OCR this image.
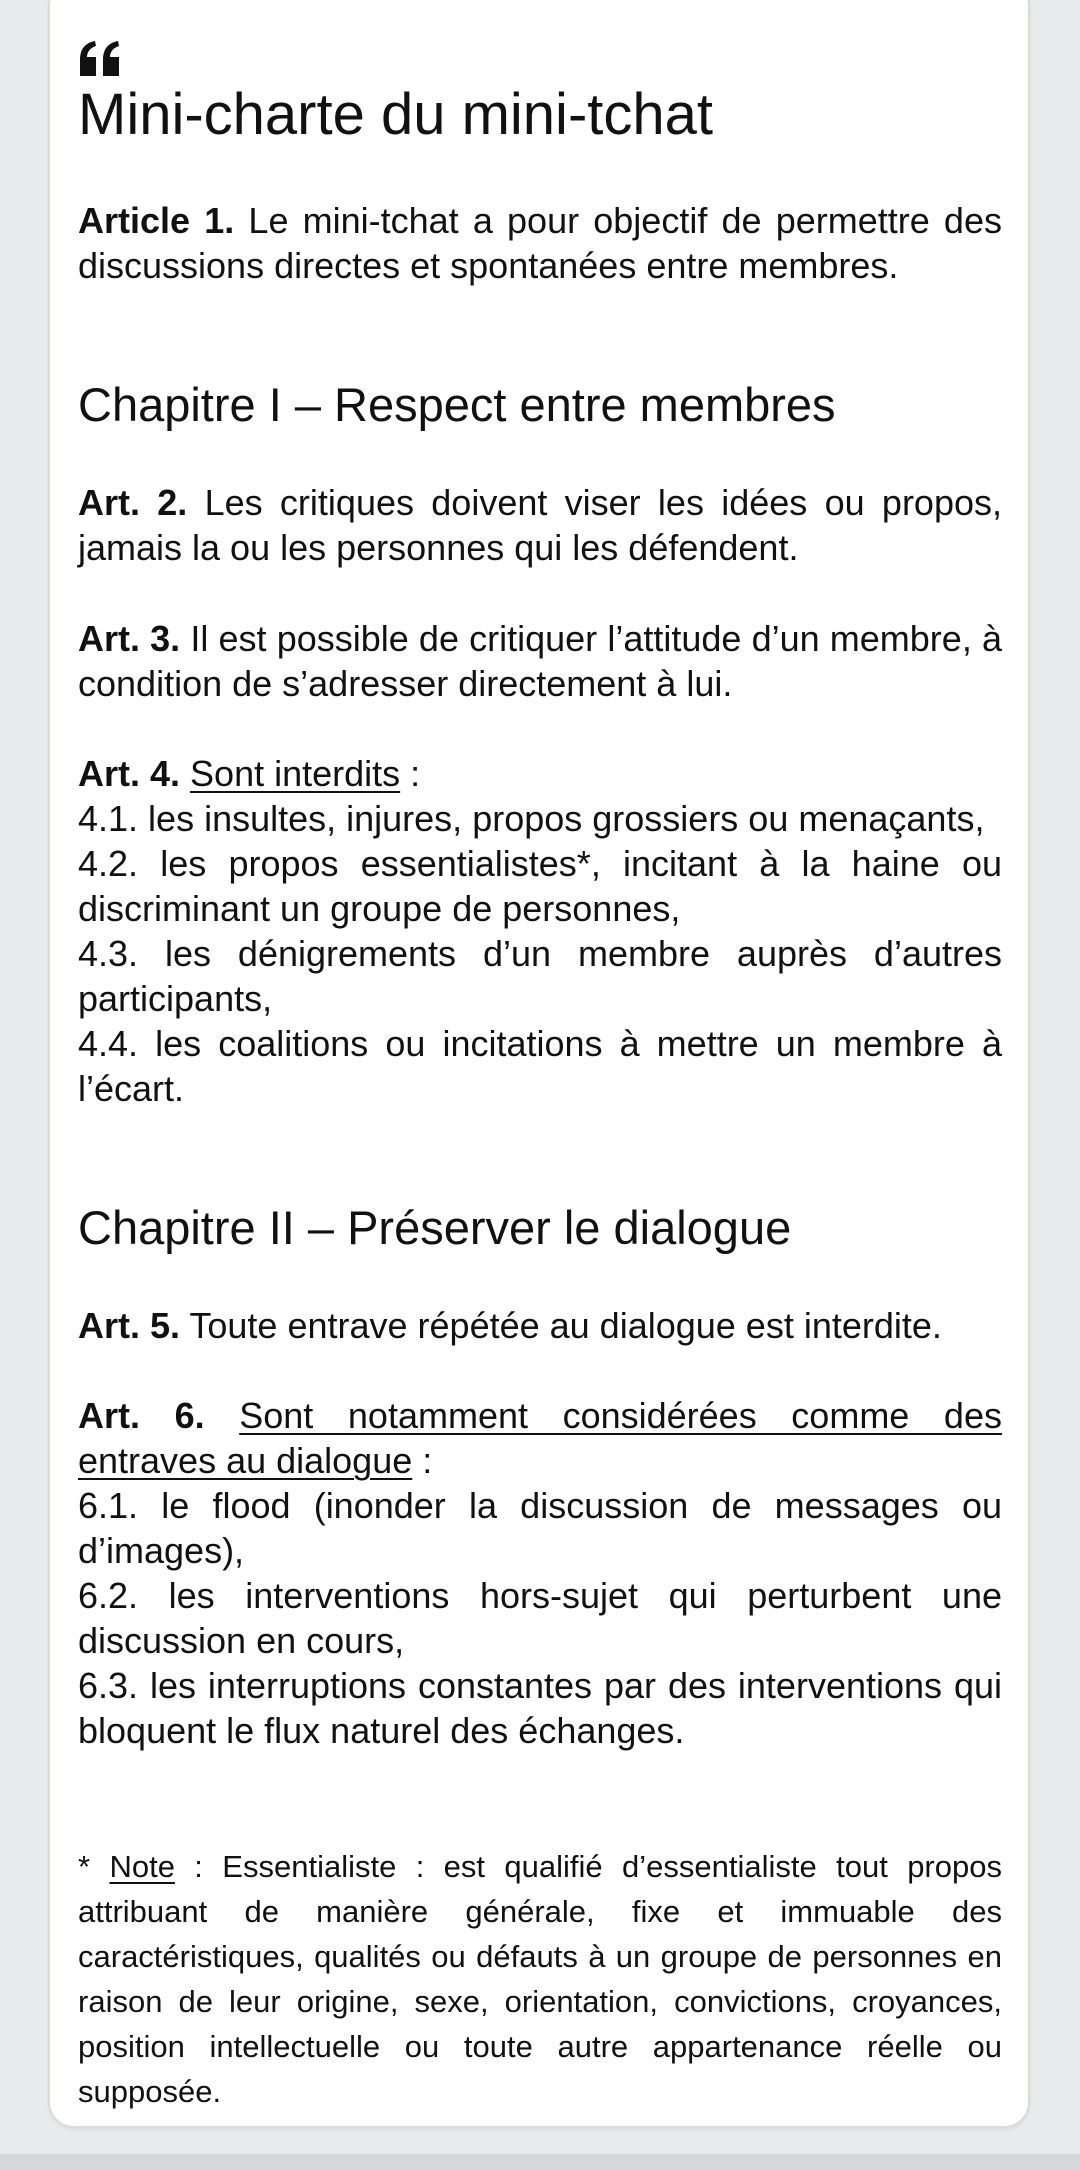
Mini-charte du mini-tchat

Article 1. Le mini-tchat a pour objectif de permettre des discussions directes et spontanées entre membres.

Chapitre I – Respect entre membres

Art. 2. Les critiques doivent viser les idées ou propos, jamais la ou les personnes qui les défendent.

Art. 3. Il est possible de critiquer l’attitude d’un membre, à condition de s’adresser directement à lui.

Art. 4. Sont interdits :
4.1. les insultes, injures, propos grossiers ou menaçants,
4.2. les propos essentialistes*, incitant à la haine ou discriminant un groupe de personnes,
4.3. les dénigrements d’un membre auprès d’autres participants,
4.4. les coalitions ou incitations à mettre un membre à l’écart.
Chapitre II – Préserver le dialogue

Art. 5. Toute entrave répétée au dialogue est interdite.

Art. 6. Sont notamment considérées comme des entraves au dialogue :
6.1. le flood (inonder la discussion de messages ou d’images),
6.2. les interventions hors-sujet qui perturbent une discussion en cours,
6.3. les interruptions constantes par des interventions qui bloquent le flux naturel des échanges.

* Note : Essentialiste : est qualifié d’essentialiste tout propos attribuant de manière générale, fixe et immuable des caractéristiques, qualités ou défauts à un groupe de personnes en raison de leur origine, sexe, orientation, convictions, croyances, position intellectuelle ou toute autre appartenance réelle ou supposée.
